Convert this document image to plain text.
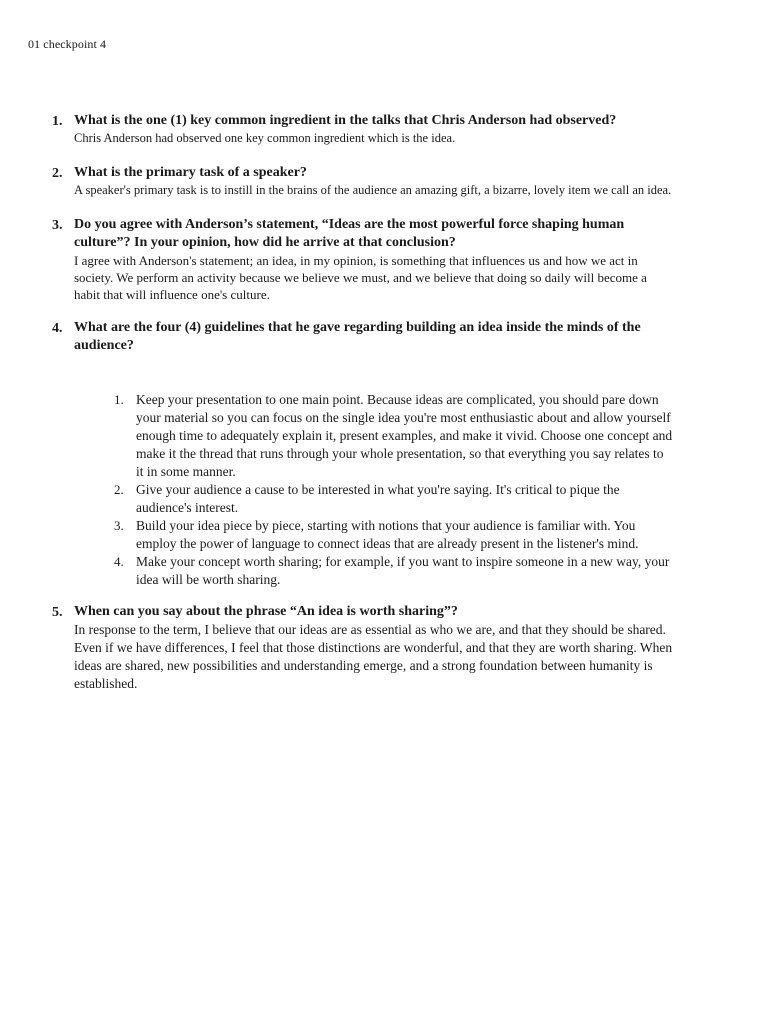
01 checkpoint 4
1. What is the one (1) key common ingredient in the talks that Chris Anderson had observed?
Chris Anderson had observed one key common ingredient which is the idea.
2. What is the primary task of a speaker?
A speaker's primary task is to instill in the brains of the audience an amazing gift, a bizarre, lovely item we call an idea.
3. Do you agree with Anderson’s statement, “Ideas are the most powerful force shaping human culture”? In your opinion, how did he arrive at that conclusion?
I agree with Anderson's statement; an idea, in my opinion, is something that influences us and how we act in society. We perform an activity because we believe we must, and we believe that doing so daily will become a habit that will influence one's culture.
4. What are the four (4) guidelines that he gave regarding building an idea inside the minds of the audience?
1. Keep your presentation to one main point. Because ideas are complicated, you should pare down your material so you can focus on the single idea you're most enthusiastic about and allow yourself enough time to adequately explain it, present examples, and make it vivid. Choose one concept and make it the thread that runs through your whole presentation, so that everything you say relates to it in some manner.
2. Give your audience a cause to be interested in what you're saying. It's critical to pique the audience's interest.
3. Build your idea piece by piece, starting with notions that your audience is familiar with. You employ the power of language to connect ideas that are already present in the listener's mind.
4. Make your concept worth sharing; for example, if you want to inspire someone in a new way, your idea will be worth sharing.
5. When can you say about the phrase “An idea is worth sharing”?
In response to the term, I believe that our ideas are as essential as who we are, and that they should be shared. Even if we have differences, I feel that those distinctions are wonderful, and that they are worth sharing. When ideas are shared, new possibilities and understanding emerge, and a strong foundation between humanity is established.
